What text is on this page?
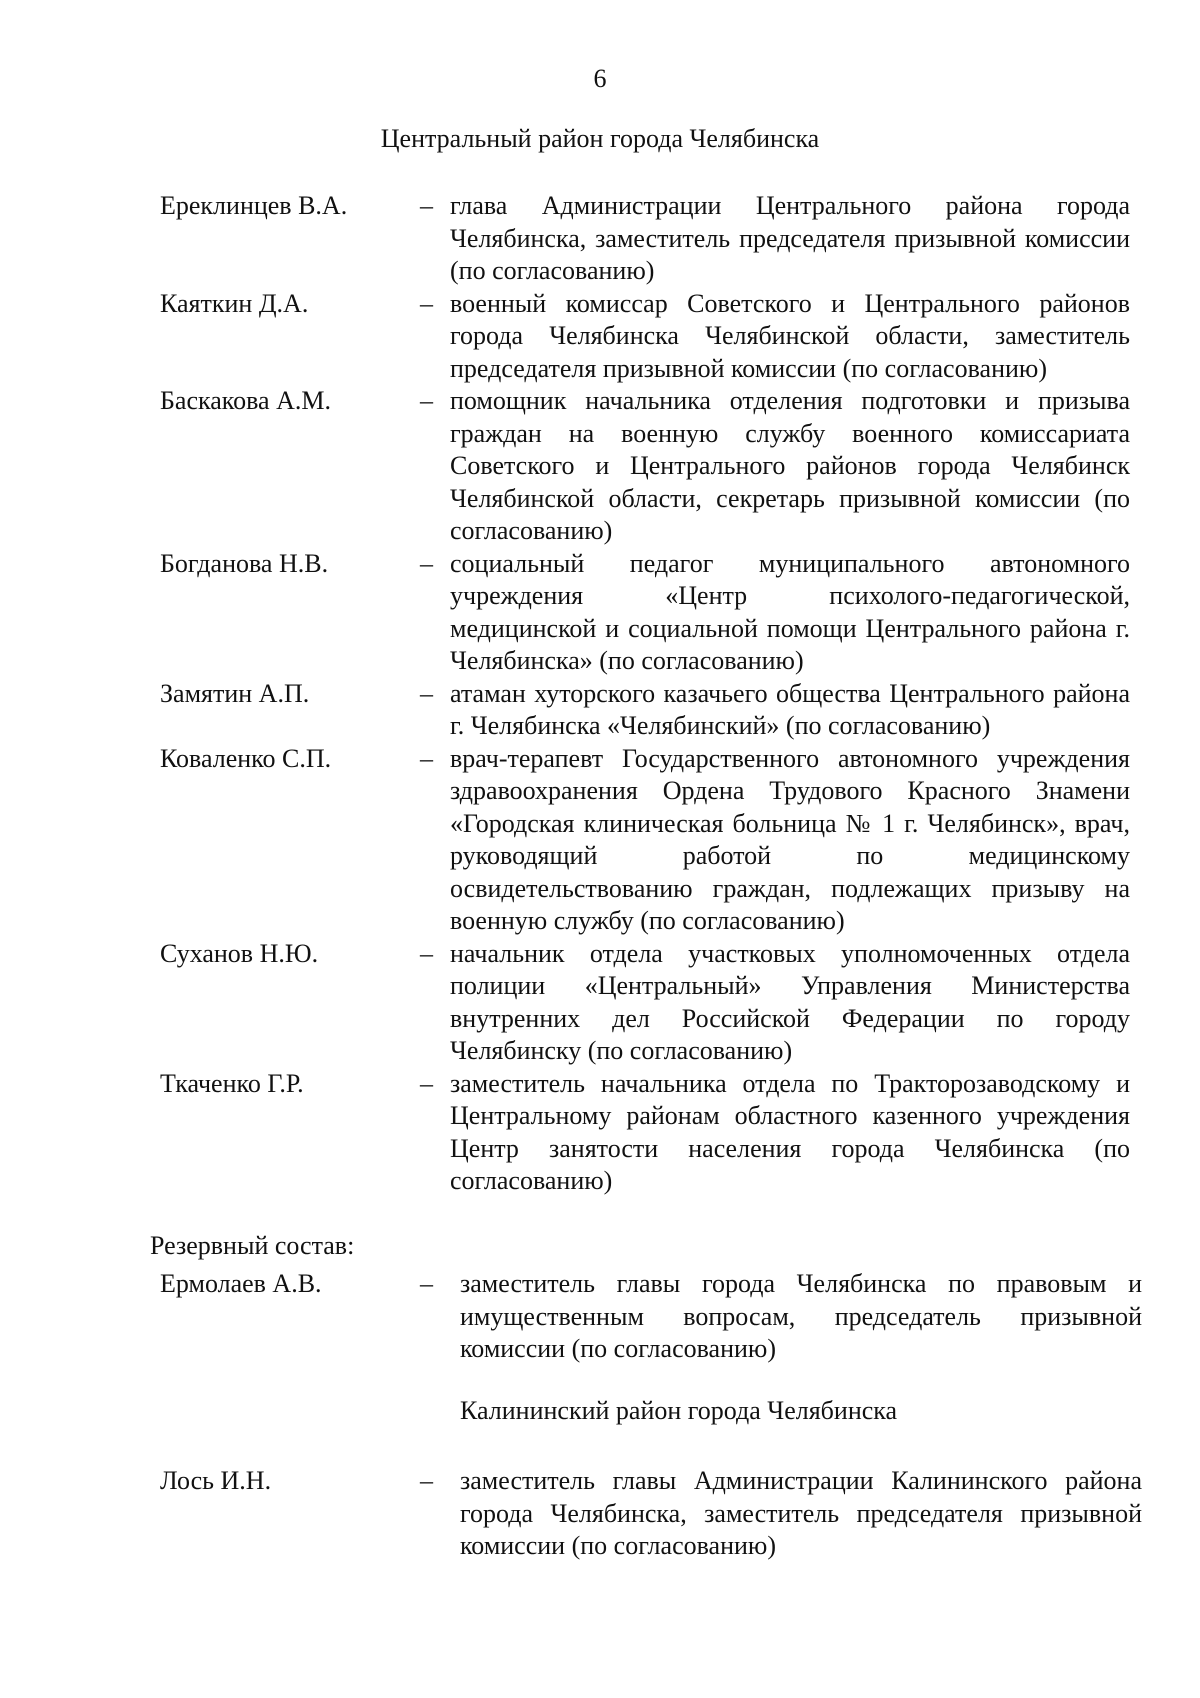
6
Центральный район города Челябинска
Ереклинцев В.А.	– глава Администрации Центрального района города Челябинска, заместитель председателя призывной комиссии (по согласованию)
Каяткин Д.А.	– военный комиссар Советского и Центрального районов города Челябинска Челябинской области, заместитель председателя призывной комиссии (по согласованию)
Баскакова А.М.	– помощник начальника отделения подготовки и призыва граждан на военную службу военного комиссариата Советского и Центрального районов города Челябинск Челябинской области, секретарь призывной комиссии (по согласованию)
Богданова Н.В.	– социальный педагог муниципального автономного учреждения «Центр психолого-педагогической, медицинской и социальной помощи Центрального района г. Челябинска» (по согласованию)
Замятин А.П.	– атаман хуторского казачьего общества Центрального района г. Челябинска «Челябинский» (по согласованию)
Коваленко С.П.	– врач-терапевт Государственного автономного учреждения здравоохранения Ордена Трудового Красного Знамени «Городская клиническая больница № 1 г. Челябинск», врач, руководящий работой по медицинскому освидетельствованию граждан, подлежащих призыву на военную службу (по согласованию)
Суханов Н.Ю.	– начальник отдела участковых уполномоченных отдела полиции «Центральный» Управления Министерства внутренних дел Российской Федерации по городу Челябинску (по согласованию)
Ткаченко Г.Р.	– заместитель начальника отдела по Тракторозаводскому и Центральному районам областного казенного учреждения Центр занятости населения города Челябинска (по согласованию)
Резервный состав:
Ермолаев А.В.	–	заместитель главы города Челябинска по правовым и имущественным вопросам, председатель призывной комиссии (по согласованию)
Калининский район города Челябинска
Лось И.Н.	–	заместитель главы Администрации Калининского района города Челябинска, заместитель председателя призывной комиссии (по согласованию)
